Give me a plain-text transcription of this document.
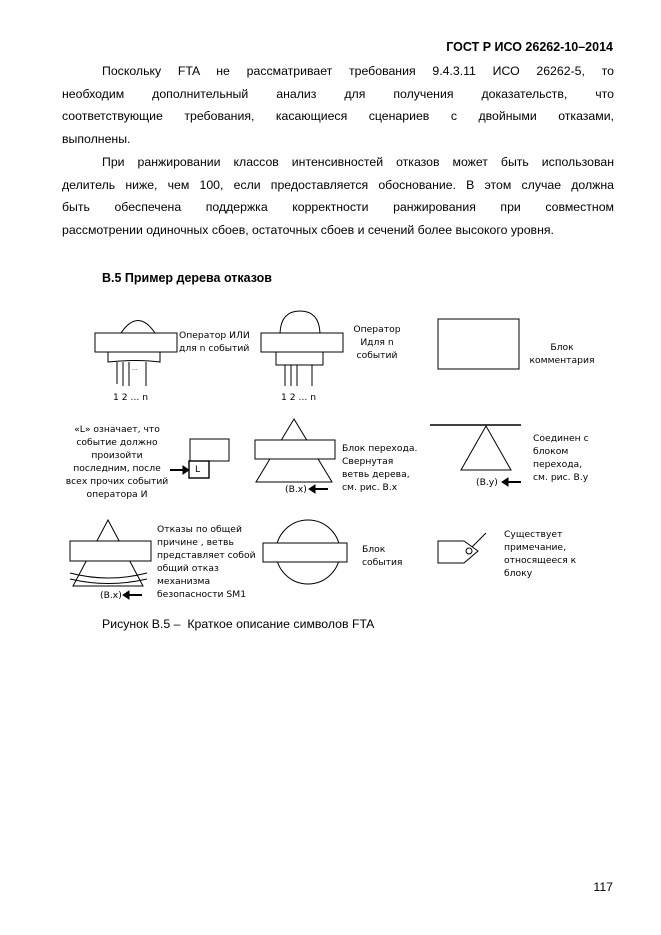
ГОСТ Р ИСО 26262-10–2014
Поскольку FTA не рассматривает требования 9.4.3.11 ИСО 26262-5, то
необходим дополнительный анализ для получения доказательств, что
соответствующие требования, касающиеся сценариев с двойными отказами,
выполнены.
При ранжировании классов интенсивностей отказов может быть использован
делитель ниже, чем 100, если предоставляется обоснование. В этом случае должна
быть обеспечена поддержка корректности ранжирования при совместном
рассмотрении одиночных сбоев, остаточных сбоев и сечений более высокого уровня.
B.5 Пример дерева отказов
...
Оператор ИЛИ
для n событий
1 2 ... n
Оператор
Идля n
событий
1 2 ... n
Блок
комментария
«L» означает, что
событие должно
произойти
последним, после
всех прочих событий
оператора И
L
(B.x)
Блок перехода.
Свернутая
ветвь дерева,
см. рис. B.x	(B.y)
Соединен с
блоком
перехода,
см. рис. B.y
(B.x)
Отказы по общей
причине , ветвь
представляет собой
общий отказ
механизма
безопасности SM1
Блок
события
Существует
примечание,
относящееся к
блоку
Рисунок B.5 –  Краткое описание символов FTA
117
